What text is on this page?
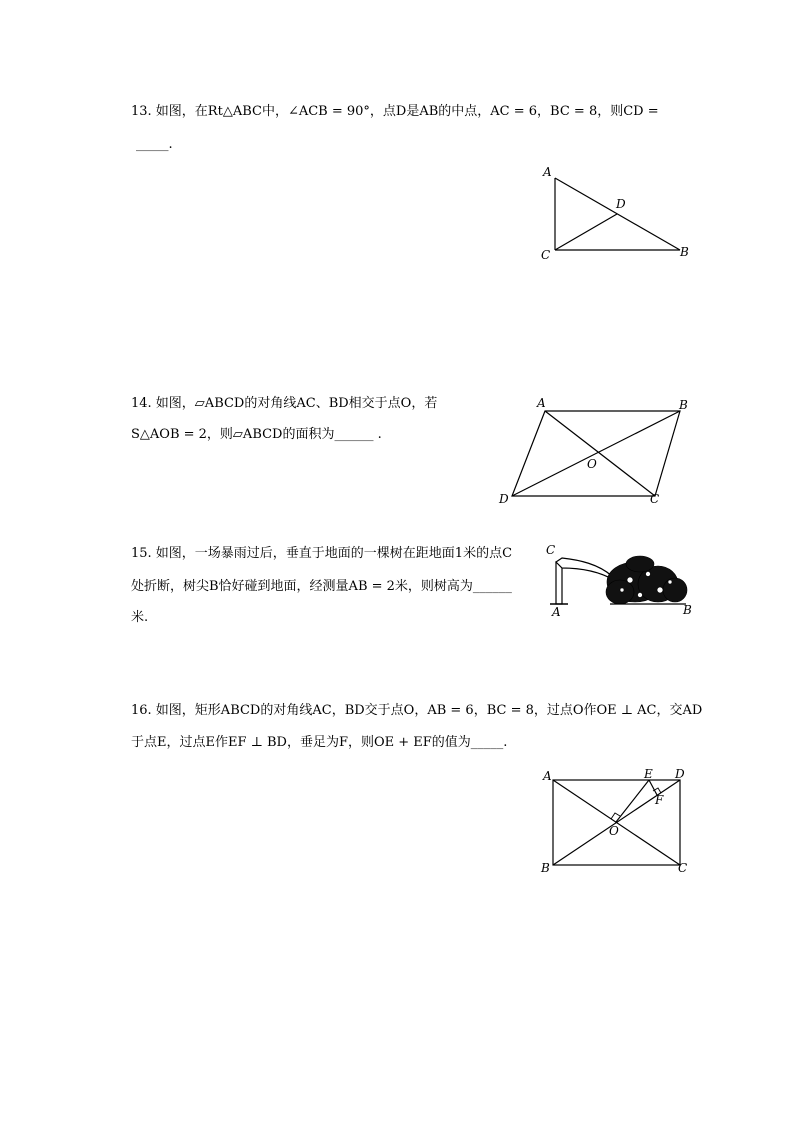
13. 如图，在Rt△ABC中，∠ACB = 90°，点D是AB的中点，AC = 6，BC = 8，则CD =
_____.
A
C	B
D
14. 如图，▱ABCD的对角线AC、BD相交于点O，若
S△AOB = 2，则▱ABCD的面积为______ .
A	B
C
D
O
15. 如图，一场暴雨过后，垂直于地面的一棵树在距地面1米的点C
处折断，树尖B恰好碰到地面，经测量AB = 2米，则树高为______
米.
C
A	B
16. 如图，矩形ABCD的对角线AC，BD交于点O，AB = 6，BC = 8，过点O作OE ⊥ AC，交AD
于点E，过点E作EF ⊥ BD，垂足为F，则OE + EF的值为_____.
A
B	C
D
E
F
O
